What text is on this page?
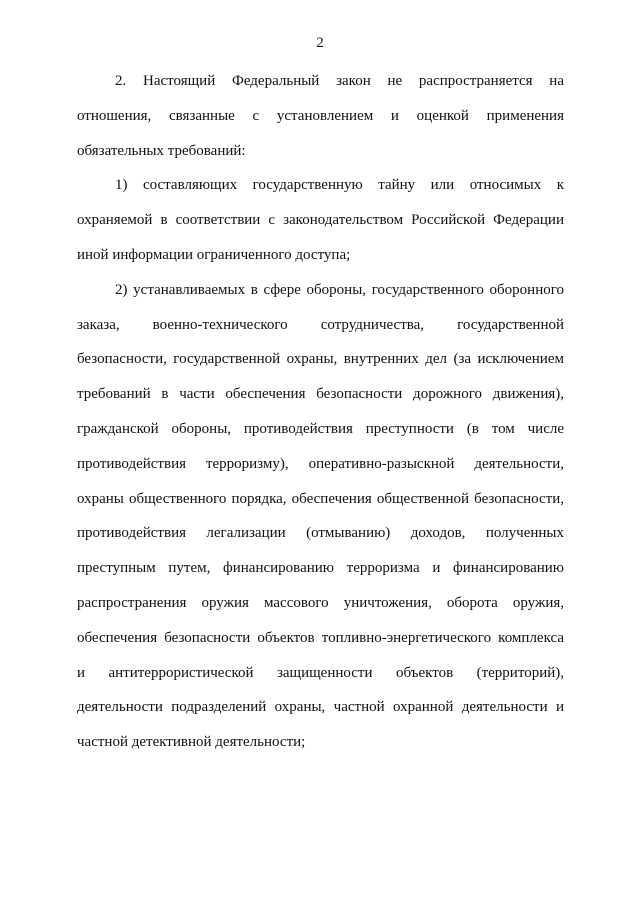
2
2. Настоящий Федеральный закон не распространяется на
отношения, связанные с установлением и оценкой применения
обязательных требований:
1) составляющих государственную тайну или относимых к
охраняемой в соответствии с законодательством Российской Федерации
иной информации ограниченного доступа;
2) устанавливаемых в сфере обороны, государственного оборонного
заказа, военно-технического сотрудничества, государственной
безопасности, государственной охраны, внутренних дел (за исключением
требований в части обеспечения безопасности дорожного движения),
гражданской обороны, противодействия преступности (в том числе
противодействия терроризму), оперативно-разыскной деятельности,
охраны общественного порядка, обеспечения общественной безопасности,
противодействия легализации (отмыванию) доходов, полученных
преступным путем, финансированию терроризма и финансированию
распространения оружия массового уничтожения, оборота оружия,
обеспечения безопасности объектов топливно-энергетического комплекса
и антитеррористической защищенности объектов (территорий),
деятельности подразделений охраны, частной охранной деятельности и
частной детективной деятельности;
